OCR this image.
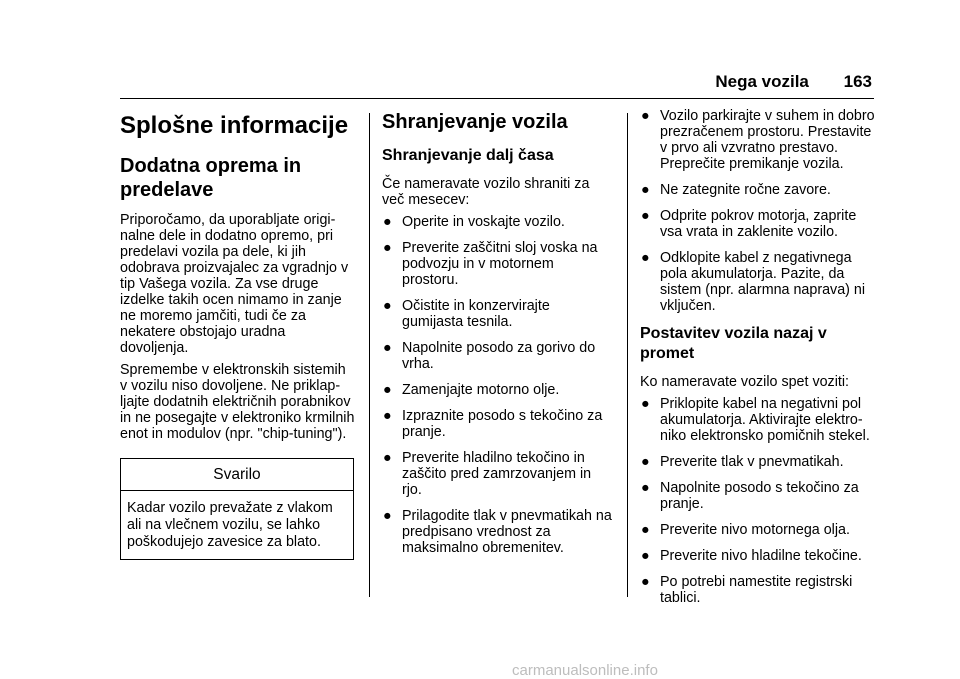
Nega vozila 163
Splošne informacije
Dodatna oprema in predelave

Priporočamo, da uporabljate origi-nalne dele in dodatno opremo, pri predelavi vozila pa dele, ki jih odobrava proizvajalec za vgradnjo v tip Vašega vozila. Za vse druge izdelke takih ocen nimamo in zanje ne moremo jamčiti, tudi če za nekatere obstojajo uradna dovoljenja.

Spremembe v elektronskih sistemih v vozilu niso dovoljene. Ne priklap-ljajte dodatnih električnih porabnikov in ne posegajte v elektroniko krmilnih enot in modulov (npr. "chip-tuning").

Svarilo
Kadar vozilo prevažate z vlakom ali na vlečnem vozilu, se lahko poškodujejo zavesice za blato.
Shranjevanje vozila
Shranjevanje dalj časa

Če nameravate vozilo shraniti za več mesecev:

● Operite in voskajte vozilo.
● Preverite zaščitni sloj voska na podvozju in v motornem prostoru.
● Očistite in konzervirajte gumijasta tesnila.
● Napolnite posodo za gorivo do vrha.
● Zamenjajte motorno olje.
● Izpraznite posodo s tekočino za pranje.
● Preverite hladilno tekočino in zaščito pred zamrzovanjem in rjo.
● Prilagodite tlak v pnevmatikah na predpisano vrednost za maksimalno obremenitev.
● Vozilo parkirajte v suhem in dobro prezračenem prostoru. Prestavite v prvo ali vzvratno prestavo. Preprečite premikanje vozila.
● Ne zategnite ročne zavore.
● Odprite pokrov motorja, zaprite vsa vrata in zaklenite vozilo.
● Odklopite kabel z negativnega pola akumulatorja. Pazite, da sistem (npr. alarmna naprava) ni vključen.
Postavitev vozila nazaj v promet

Ko nameravate vozilo spet voziti:

● Priklopite kabel na negativni pol akumulatorja. Aktivirajte elektro-niko elektronsko pomičnih stekel.
● Preverite tlak v pnevmatikah.
● Napolnite posodo s tekočino za pranje.
● Preverite nivo motornega olja.
● Preverite nivo hladilne tekočine.
● Po potrebi namestite registrski tablici.
carmanualsonline.info
